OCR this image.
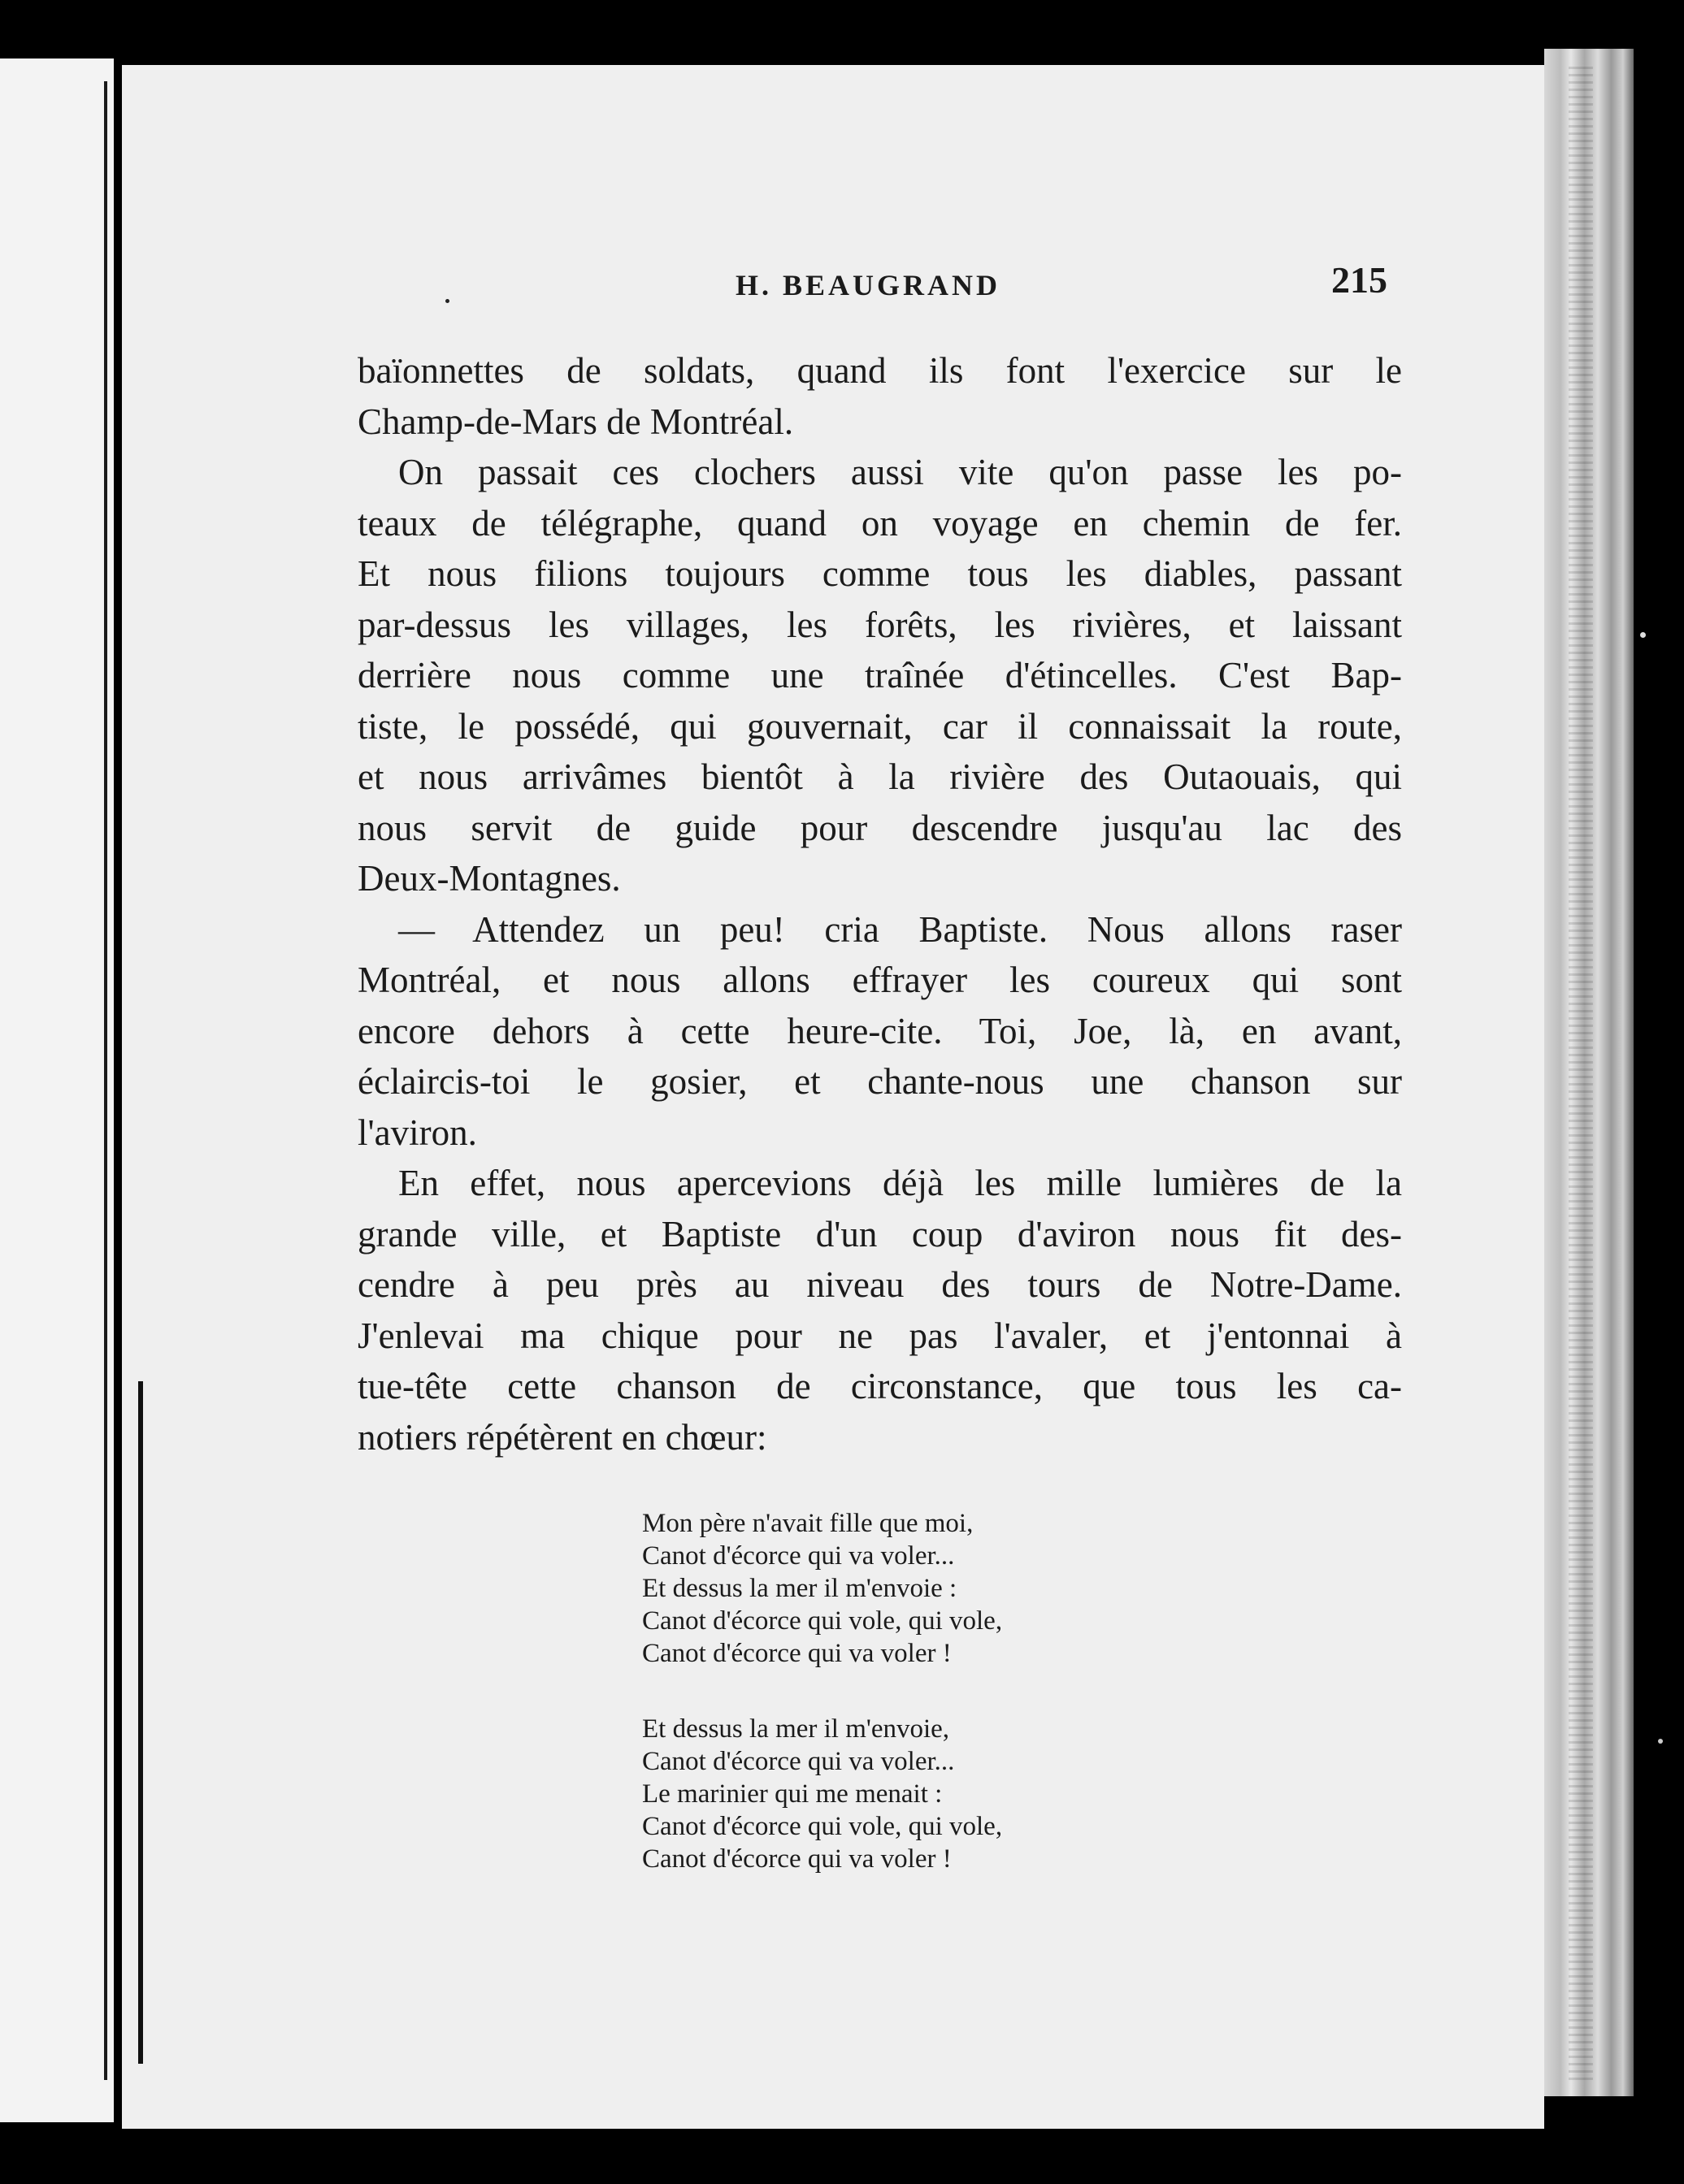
H. BEAUGRAND	215
baïonnettes de soldats, quand ils font l'exercice sur le
Champ-de-Mars de Montréal.
On passait ces clochers aussi vite qu'on passe les po-
teaux de télégraphe, quand on voyage en chemin de fer.
Et nous filions toujours comme tous les diables, passant
par-dessus les villages, les forêts, les rivières, et laissant
derrière nous comme une traînée d'étincelles. C'est Bap-
tiste, le possédé, qui gouvernait, car il connaissait la route,
et nous arrivâmes bientôt à la rivière des Outaouais, qui
nous servit de guide pour descendre jusqu'au lac des
Deux-Montagnes.
— Attendez un peu! cria Baptiste. Nous allons raser
Montréal, et nous allons effrayer les coureux qui sont
encore dehors à cette heure-cite. Toi, Joe, là, en avant,
éclaircis-toi le gosier, et chante-nous une chanson sur
l'aviron.
En effet, nous apercevions déjà les mille lumières de la
grande ville, et Baptiste d'un coup d'aviron nous fit des-
cendre à peu près au niveau des tours de Notre-Dame.
J'enlevai ma chique pour ne pas l'avaler, et j'entonnai à
tue-tête cette chanson de circonstance, que tous les ca-
notiers répétèrent en chœur:
Mon père n'avait fille que moi,
Canot d'écorce qui va voler...
Et dessus la mer il m'envoie :
Canot d'écorce qui vole, qui vole,
Canot d'écorce qui va voler !
Et dessus la mer il m'envoie,
Canot d'écorce qui va voler...
Le marinier qui me menait :
Canot d'écorce qui vole, qui vole,
Canot d'écorce qui va voler !
